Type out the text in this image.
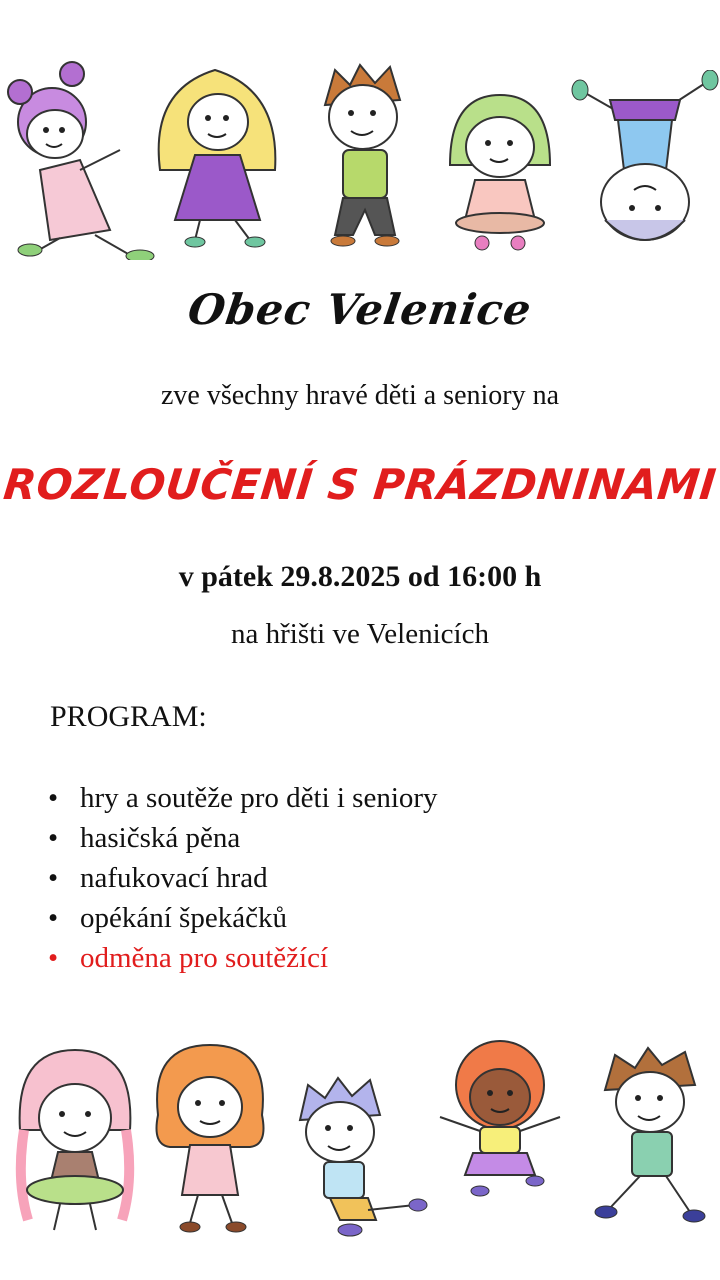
Obec Velenice
zve všechny hravé děti a seniory na
ROZLOUČENÍ S PRÁZDNINAMI
v pátek 29.8.2025 od 16:00 h
na hřišti ve Velenicích
PROGRAM:
• hry a soutěže pro děti i seniory
• hasičská pěna
• nafukovací hrad
• opékání špekáčků
• odměna pro soutěžící
